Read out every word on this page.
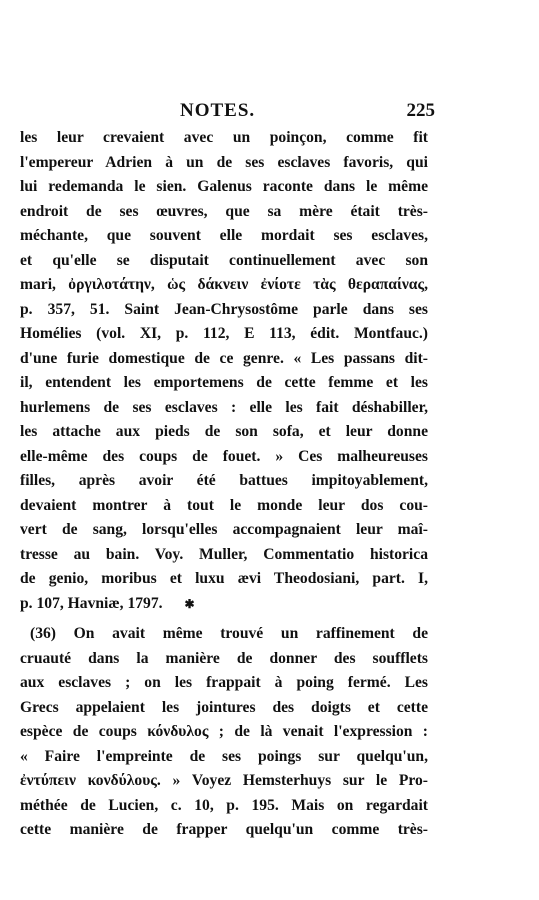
NOTES.	225
les leur crevaient avec un poinçon, comme fit
l'empereur Adrien à un de ses esclaves favoris, qui
lui redemanda le sien. Galenus raconte dans le même
endroit de ses œuvres, que sa mère était très-
méchante, que souvent elle mordait ses esclaves,
et qu'elle se disputait continuellement avec son
mari, ὀργιλοτάτην, ὡς δάκνειν ἐνίοτε τὰς θεραπαίνας,
p. 357, 51. Saint Jean-Chrysostôme parle dans ses
Homélies (vol. XI, p. 112, E 113, édit. Montfauc.)
d'une furie domestique de ce genre. « Les passans dit-
il, entendent les emportemens de cette femme et les
hurlemens de ses esclaves : elle les fait déshabiller,
les attache aux pieds de son sofa, et leur donne
elle-même des coups de fouet. » Ces malheureuses
filles, après avoir été battues impitoyablement,
devaient montrer à tout le monde leur dos cou-
vert de sang, lorsqu'elles accompagnaient leur maî-
tresse au bain. Voy. Muller, Commentatio historica
de genio, moribus et luxu ævi Theodosiani, part. I,
p. 107, Havniæ, 1797. ✱
(36) On avait même trouvé un raffinement de
cruauté dans la manière de donner des soufflets
aux esclaves ; on les frappait à poing fermé. Les
Grecs appelaient les jointures des doigts et cette
espèce de coups κόνδυλος ; de là venait l'expression :
« Faire l'empreinte de ses poings sur quelqu'un,
ἐντύπειν κονδύλους. » Voyez Hemsterhuys sur le Pro-
méthée de Lucien, c. 10, p. 195. Mais on regardait
cette manière de frapper quelqu'un comme très-
